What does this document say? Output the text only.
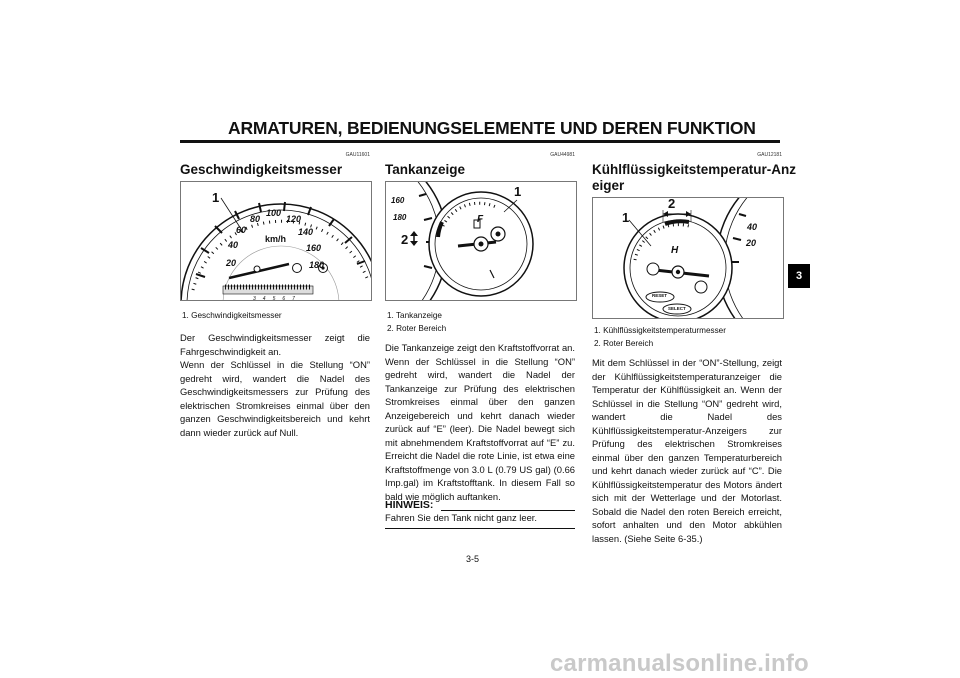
ARMATUREN, BEDIENUNGSELEMENTE UND DEREN FUNKTION
3
GAU11601
Geschwindigkeitsmesser
1
20
40
60
80
100
120
140
160
180
km/h
3 4 5 6 7
1. Geschwindigkeitsmesser

Der Geschwindigkeitsmesser zeigt die Fahrgeschwindigkeit an.

Wenn der Schlüssel in die Stellung “ON” gedreht wird, wandert die Nadel des Geschwindigkeitsmessers zur Prüfung des elektrischen Stromkreises einmal über den ganzen Geschwindigkeitsbereich und kehrt dann wieder zurück auf Null.

GAU44981
Tankanzeige
1
2
160
180	F
1. Tankanzeige
2. Roter Bereich

Die Tankanzeige zeigt den Kraftstoffvorrat an. Wenn der Schlüssel in die Stellung “ON” gedreht wird, wandert die Nadel der Tankanzeige zur Prüfung des elektrischen Stromkreises einmal über den ganzen Anzeigebereich und kehrt danach wieder zurück auf “E” (leer). Die Nadel bewegt sich mit abnehmendem Kraftstoffvorrat auf “E” zu. Erreicht die Nadel die rote Linie, ist etwa eine Kraftstoffmenge von 3.0 L (0.79 US gal) (0.66 Imp.gal) im Kraftstofftank. In diesem Fall so bald wie möglich auftanken.

HINWEIS:
Fahren Sie den Tank nicht ganz leer.
GAU12181
Kühlflüssigkeitstemperatur-Anz
eiger
1
2
40
20
H
RESET
SELECT
1. Kühlflüssigkeitstemperaturmesser
2. Roter Bereich

Mit dem Schlüssel in der “ON”-Stellung, zeigt der Kühlflüssigkeitstemperaturanzeiger die Temperatur der Kühlflüssigkeit an. Wenn der Schlüssel in die Stellung “ON” gedreht wird, wandert die Nadel des Kühlflüssigkeitstemperatur-Anzeigers zur Prüfung des elektrischen Stromkreises einmal über den ganzen Temperaturbereich und kehrt danach wieder zurück auf “C”. Die Kühlflüssigkeitstemperatur des Motors ändert sich mit der Wetterlage und der Motorlast. Sobald die Nadel den roten Bereich erreicht, sofort anhalten und den Motor abkühlen lassen. (Siehe Seite 6-35.)

3-5
carmanualsonline.info
